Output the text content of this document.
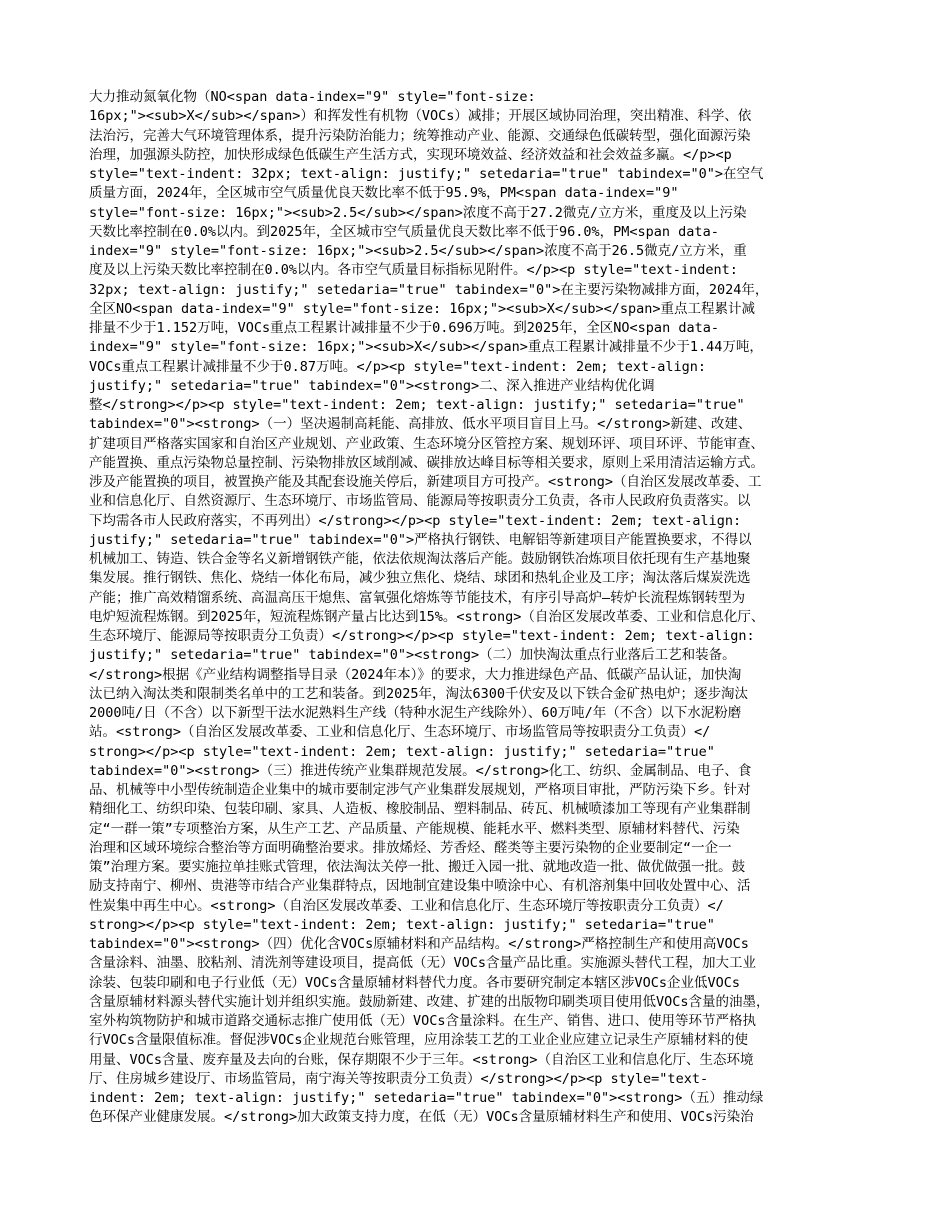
大力推动氮氧化物（NO<span data-index="9" style="font-size:
16px;"><sub>X</sub></span>）和挥发性有机物（VOCs）减排；开展区域协同治理，突出精准、科学、依
法治污，完善大气环境管理体系，提升污染防治能力；统筹推动产业、能源、交通绿色低碳转型，强化面源污染
治理，加强源头防控，加快形成绿色低碳生产生活方式，实现环境效益、经济效益和社会效益多赢。</p><p
style="text-indent: 32px; text-align: justify;" setedaria="true" tabindex="0">在空气
质量方面，2024年，全区城市空气质量优良天数比率不低于95.9%，PM<span data-index="9"
style="font-size: 16px;"><sub>2.5</sub></span>浓度不高于27.2微克/立方米，重度及以上污染
天数比率控制在0.0%以内。到2025年，全区城市空气质量优良天数比率不低于96.0%，PM<span data-
index="9" style="font-size: 16px;"><sub>2.5</sub></span>浓度不高于26.5微克/立方米，重
度及以上污染天数比率控制在0.0%以内。各市空气质量目标指标见附件。</p><p style="text-indent:
32px; text-align: justify;" setedaria="true" tabindex="0">在主要污染物减排方面，2024年，
全区NO<span data-index="9" style="font-size: 16px;"><sub>X</sub></span>重点工程累计减
排量不少于1.152万吨，VOCs重点工程累计减排量不少于0.696万吨。到2025年，全区NO<span data-
index="9" style="font-size: 16px;"><sub>X</sub></span>重点工程累计减排量不少于1.44万吨，
VOCs重点工程累计减排量不少于0.87万吨。</p><p style="text-indent: 2em; text-align:
justify;" setedaria="true" tabindex="0"><strong>二、深入推进产业结构优化调
整</strong></p><p style="text-indent: 2em; text-align: justify;" setedaria="true"
tabindex="0"><strong>（一）坚决遏制高耗能、高排放、低水平项目盲目上马。</strong>新建、改建、
扩建项目严格落实国家和自治区产业规划、产业政策、生态环境分区管控方案、规划环评、项目环评、节能审查、
产能置换、重点污染物总量控制、污染物排放区域削减、碳排放达峰目标等相关要求，原则上采用清洁运输方式。
涉及产能置换的项目，被置换产能及其配套设施关停后，新建项目方可投产。<strong>（自治区发展改革委、工
业和信息化厅、自然资源厅、生态环境厅、市场监管局、能源局等按职责分工负责，各市人民政府负责落实。以
下均需各市人民政府落实，不再列出）</strong></p><p style="text-indent: 2em; text-align:
justify;" setedaria="true" tabindex="0">严格执行钢铁、电解铝等新建项目产能置换要求，不得以
机械加工、铸造、铁合金等名义新增钢铁产能，依法依规淘汰落后产能。鼓励钢铁冶炼项目依托现有生产基地聚
集发展。推行钢铁、焦化、烧结一体化布局，减少独立焦化、烧结、球团和热轧企业及工序；淘汰落后煤炭洗选
产能；推广高效精馏系统、高温高压干熄焦、富氧强化熔炼等节能技术，有序引导高炉—转炉长流程炼钢转型为
电炉短流程炼钢。到2025年，短流程炼钢产量占比达到15%。<strong>（自治区发展改革委、工业和信息化厅、
生态环境厅、能源局等按职责分工负责）</strong></p><p style="text-indent: 2em; text-align:
justify;" setedaria="true" tabindex="0"><strong>（二）加快淘汰重点行业落后工艺和装备。
</strong>根据《产业结构调整指导目录（2024年本）》的要求，大力推进绿色产品、低碳产品认证，加快淘
汰已纳入淘汰类和限制类名单中的工艺和装备。到2025年，淘汰6300千伏安及以下铁合金矿热电炉；逐步淘汰
2000吨/日（不含）以下新型干法水泥熟料生产线（特种水泥生产线除外）、60万吨/年（不含）以下水泥粉磨
站。<strong>（自治区发展改革委、工业和信息化厅、生态环境厅、市场监管局等按职责分工负责）</
strong></p><p style="text-indent: 2em; text-align: justify;" setedaria="true"
tabindex="0"><strong>（三）推进传统产业集群规范发展。</strong>化工、纺织、金属制品、电子、食
品、机械等中小型传统制造企业集中的城市要制定涉气产业集群发展规划，严格项目审批，严防污染下乡。针对
精细化工、纺织印染、包装印刷、家具、人造板、橡胶制品、塑料制品、砖瓦、机械喷漆加工等现有产业集群制
定“一群一策”专项整治方案，从生产工艺、产品质量、产能规模、能耗水平、燃料类型、原辅材料替代、污染
治理和区域环境综合整治等方面明确整治要求。排放烯烃、芳香烃、醛类等主要污染物的企业要制定“一企一
策”治理方案。要实施拉单挂账式管理，依法淘汰关停一批、搬迁入园一批、就地改造一批、做优做强一批。鼓
励支持南宁、柳州、贵港等市结合产业集群特点，因地制宜建设集中喷涂中心、有机溶剂集中回收处置中心、活
性炭集中再生中心。<strong>（自治区发展改革委、工业和信息化厅、生态环境厅等按职责分工负责）</
strong></p><p style="text-indent: 2em; text-align: justify;" setedaria="true"
tabindex="0"><strong>（四）优化含VOCs原辅材料和产品结构。</strong>严格控制生产和使用高VOCs
含量涂料、油墨、胶粘剂、清洗剂等建设项目，提高低（无）VOCs含量产品比重。实施源头替代工程，加大工业
涂装、包装印刷和电子行业低（无）VOCs含量原辅材料替代力度。各市要研究制定本辖区涉VOCs企业低VOCs
含量原辅材料源头替代实施计划并组织实施。鼓励新建、改建、扩建的出版物印刷类项目使用低VOCs含量的油墨，
室外构筑物防护和城市道路交通标志推广使用低（无）VOCs含量涂料。在生产、销售、进口、使用等环节严格执
行VOCs含量限值标准。督促涉VOCs企业规范台账管理，应用涂装工艺的工业企业应建立记录生产原辅材料的使
用量、VOCs含量、废弃量及去向的台账，保存期限不少于三年。<strong>（自治区工业和信息化厅、生态环境
厅、住房城乡建设厅、市场监管局，南宁海关等按职责分工负责）</strong></p><p style="text-
indent: 2em; text-align: justify;" setedaria="true" tabindex="0"><strong>（五）推动绿
色环保产业健康发展。</strong>加大政策支持力度，在低（无）VOCs含量原辅材料生产和使用、VOCs污染治
